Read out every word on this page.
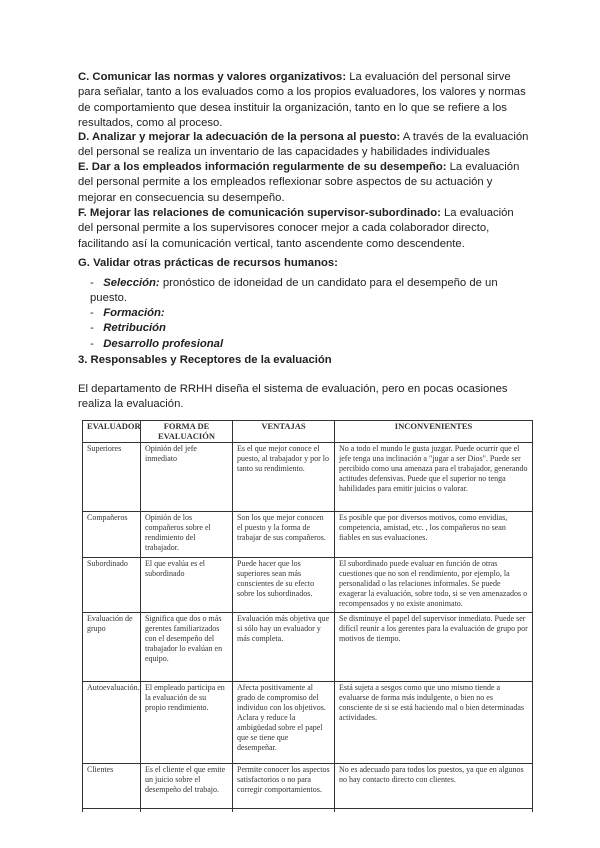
C. Comunicar las normas y valores organizativos: La evaluación del personal sirve para señalar, tanto a los evaluados como a los propios evaluadores, los valores y normas de comportamiento que desea instituir la organización, tanto en lo que se refiere a los resultados, como al proceso.
D. Analizar y mejorar la adecuación de la persona al puesto: A través de la evaluación del personal se realiza un inventario de las capacidades y habilidades individuales
E. Dar a los empleados información regularmente de su desempeño: La evaluación del personal permite a los empleados reflexionar sobre aspectos de su actuación y mejorar en consecuencia su desempeño.
F. Mejorar las relaciones de comunicación supervisor-subordinado: La evaluación del personal permite a los supervisores conocer mejor a cada colaborador directo, facilitando así la comunicación vertical, tanto ascendente como descendente.
G. Validar otras prácticas de recursos humanos:
-   Selección: pronóstico de idoneidad de un candidato para el desempeño de un puesto.
-   Formación:
-   Retribución
-   Desarrollo profesional
3. Responsables y Receptores de la evaluación
El departamento de RRHH diseña el sistema de evaluación, pero en pocas ocasiones realiza la evaluación.
EVALUADOR	FORMA DE EVALUACIÓN	VENTAJAS	INCONVENIENTES
Superiores	Opinión del jefe inmediato	Es el que mejor conoce el puesto, al trabajador y por lo tanto su rendimiento.	No a todo el mundo le gusta juzgar. Puede ocurrir que el jefe tenga una inclinación a "jugar a ser Dios". Puede ser percibido como una amenaza para el trabajador, generando actitudes defensivas. Puede que el superior no tenga habilidades para emitir juicios o valorar.
Compañeros	Opinión de los compañeros sobre el rendimiento del trabajador.	Son los que mejor conocen el puesto y la forma de trabajar de sus compañeros.	Es posible que por diversos motivos, como envidias, competencia, amistad, etc. , los compañeros no sean fiables en sus evaluaciones.
Subordinado	El que evalúa es el subordinado	Puede hacer que los superiores sean más conscientes de su efecto sobre los subordinados.	El subordinado puede evaluar en función de otras cuestiones que no son el rendimiento, por ejemplo, la personalidad o las relaciones informales. Se puede exagerar la evaluación, sobre todo, si se ven amenazados o recompensados y no existe anonimato.
Evaluación de grupo	Significa que dos o más gerentes familiarizados con el desempeño del trabajador lo evalúan en equipo.	Evaluación más objetiva que si sólo hay un evaluador y más completa.	Se disminuye el papel del supervisor inmediato. Puede ser difícil reunir a los gerentes para la evaluación de grupo por motivos de tiempo.
Autoevaluación.	El empleado participa en la evaluación de su propio rendimiento.	Afecta positivamente al grado de compromiso del individuo con los objetivos. Aclara y reduce la ambigüedad sobre el papel que se tiene que desempeñar.	Está sujeta a sesgos como que uno mismo tiende a evaluarse de forma más indulgente, o bien no es consciente de si se está haciendo mal o bien determinadas actividades.
Clientes	Es el cliente el que emite un juicio sobre el desempeño del trabajo.	Permite conocer los aspectos satisfactorios o no para corregir comportamientos.	No es adecuado para todos los puestos, ya que en algunos no hay contacto directo con clientes.
